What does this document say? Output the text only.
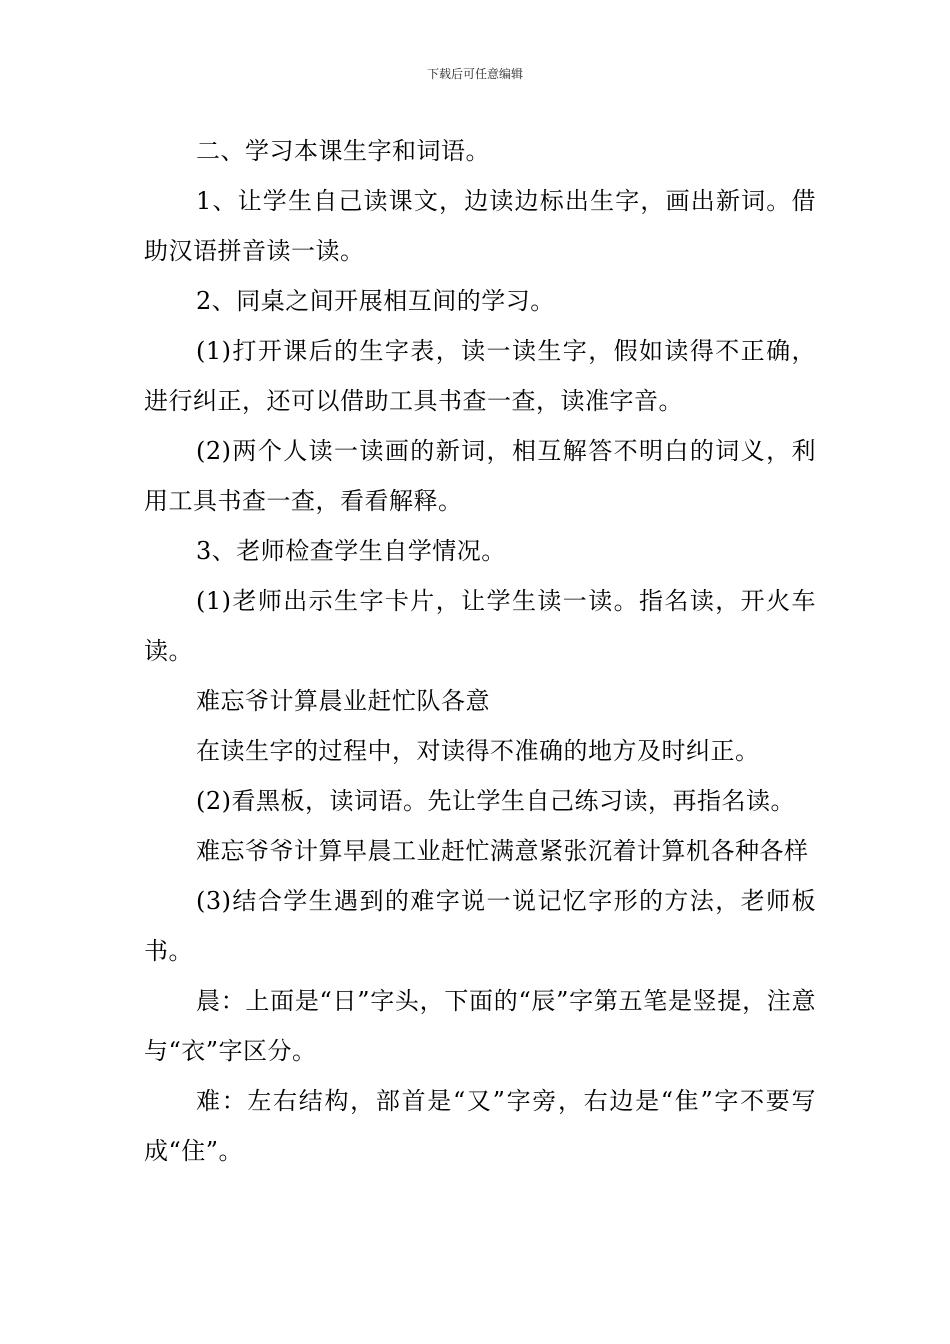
下载后可任意编辑

二、学习本课生字和词语。

1、让学生自己读课文，边读边标出生字，画出新词。借助汉语拼音读一读。

2、同桌之间开展相互间的学习。

(1)打开课后的生字表，读一读生字，假如读得不正确，进行纠正，还可以借助工具书查一查，读准字音。

(2)两个人读一读画的新词，相互解答不明白的词义，利用工具书查一查，看看解释。

3、老师检查学生自学情况。

(1)老师出示生字卡片，让学生读一读。指名读，开火车读。

难忘爷计算晨业赶忙队各意

在读生字的过程中，对读得不准确的地方及时纠正。

(2)看黑板，读词语。先让学生自己练习读，再指名读。

难忘爷爷计算早晨工业赶忙满意紧张沉着计算机各种各样

(3)结合学生遇到的难字说一说记忆字形的方法，老师板书。

晨：上面是“日”字头，下面的“辰”字第五笔是竖提，注意与“衣”字区分。

难：左右结构，部首是“又”字旁，右边是“隹”字不要写成“住”。
